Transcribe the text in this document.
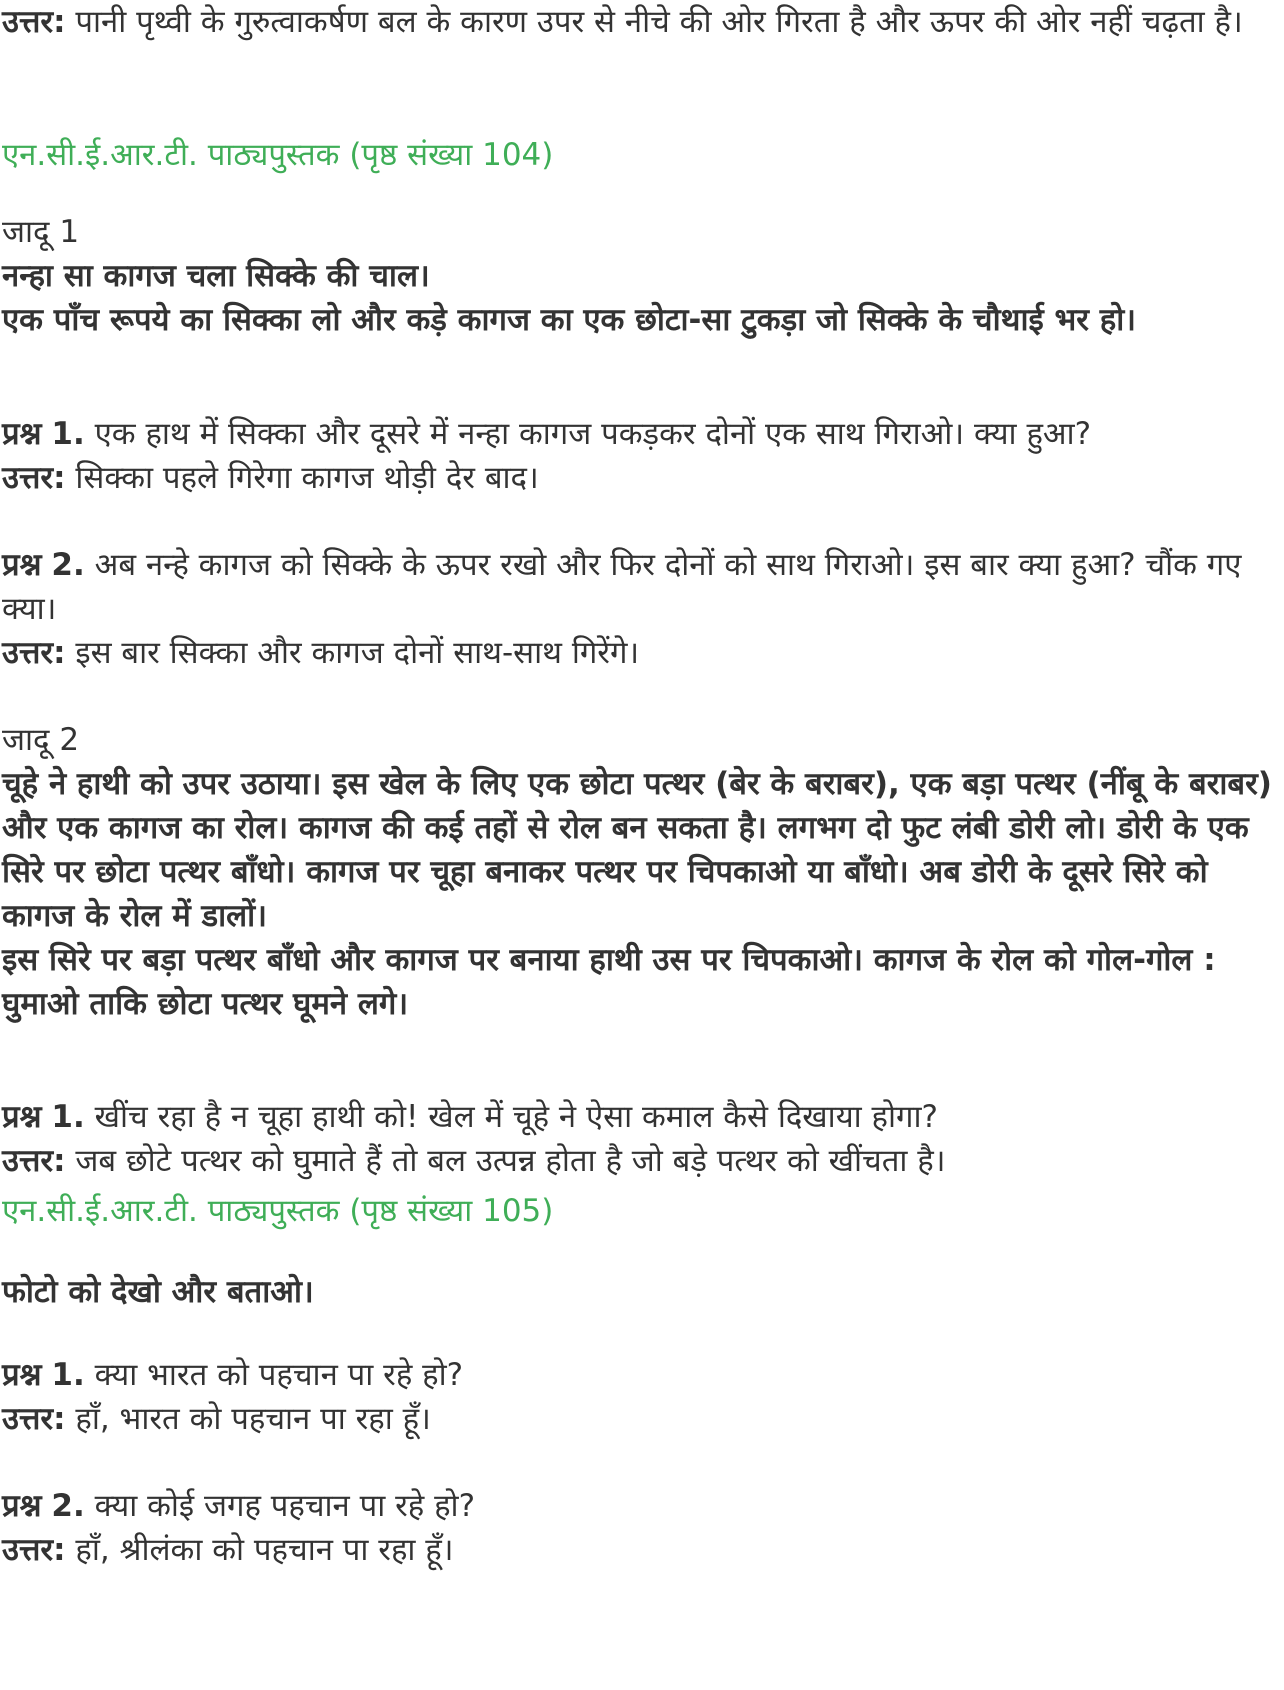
उत्तर: पानी पृथ्वी के गुरुत्वाकर्षण बल के कारण उपर से नीचे की ओर गिरता है और ऊपर की ओर नहीं चढ़ता है।

एन.सी.ई.आर.टी. पाठ्यपुस्तक (पृष्ठ संख्या 104)

जादू 1

नन्हा सा कागज चला सिक्के की चाल।

एक पाँच रूपये का सिक्का लो और कड़े कागज का एक छोटा-सा टुकड़ा जो सिक्के के चौथाई भर हो।

प्रश्न 1. एक हाथ में सिक्का और दूसरे में नन्हा कागज पकड़कर दोनों एक साथ गिराओ। क्या हुआ?

उत्तर: सिक्का पहले गिरेगा कागज थोड़ी देर बाद।

प्रश्न 2. अब नन्हे कागज को सिक्के के ऊपर रखो और फिर दोनों को साथ गिराओ। इस बार क्या हुआ? चौंक गए क्या।

उत्तर: इस बार सिक्का और कागज दोनों साथ-साथ गिरेंगे।

जादू 2

चूहे ने हाथी को उपर उठाया। इस खेल के लिए एक छोटा पत्थर (बेर के बराबर), एक बड़ा पत्थर (नींबू के बराबर) और एक कागज का रोल। कागज की कई तहों से रोल बन सकता है। लगभग दो फुट लंबी डोरी लो। डोरी के एक सिरे पर छोटा पत्थर बाँधो। कागज पर चूहा बनाकर पत्थर पर चिपकाओ या बाँधो। अब डोरी के दूसरे सिरे को कागज के रोल में डालों।

इस सिरे पर बड़ा पत्थर बाँधो और कागज पर बनाया हाथी उस पर चिपकाओ। कागज के रोल को गोल-गोल : घुमाओ ताकि छोटा पत्थर घूमने लगे।

प्रश्न 1. खींच रहा है न चूहा हाथी को! खेल में चूहे ने ऐसा कमाल कैसे दिखाया होगा?

उत्तर: जब छोटे पत्थर को घुमाते हैं तो बल उत्पन्न होता है जो बड़े पत्थर को खींचता है।

एन.सी.ई.आर.टी. पाठ्यपुस्तक (पृष्ठ संख्या 105)

फोटो को देखो और बताओ।

प्रश्न 1. क्या भारत को पहचान पा रहे हो?

उत्तर: हाँ, भारत को पहचान पा रहा हूँ।

प्रश्न 2. क्या कोई जगह पहचान पा रहे हो?

उत्तर: हाँ, श्रीलंका को पहचान पा रहा हूँ।
